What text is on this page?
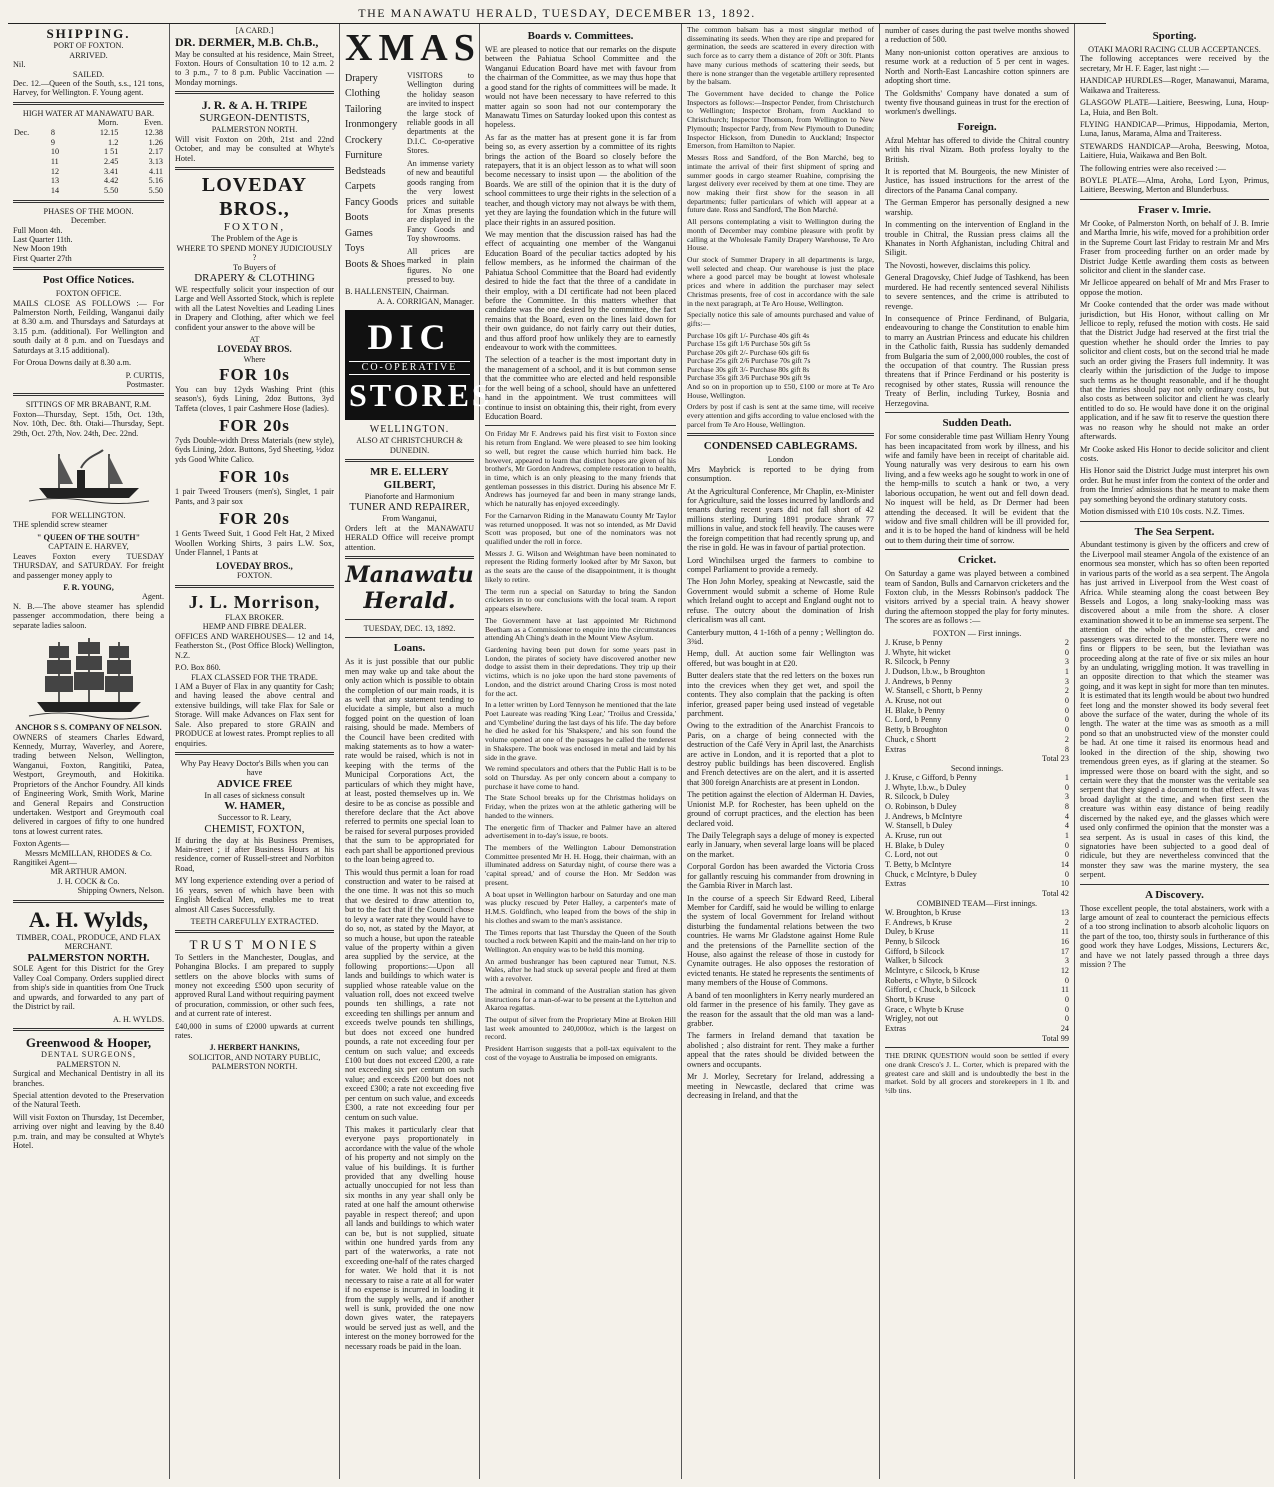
THE MANAWATU HERALD, TUESDAY, DECEMBER 13, 1892.
SHIPPING.
PORT OF FOXTON.
ARRIVED.
Nil.
SAILED.

Dec. 12.—Queen of the South, s.s., 121 tons, Harvey, for Wellington. F. Young agent.

HIGH WATER AT MANAWATU BAR.
		Morn.	Even.
Dec.	8	12.15	12.38
	9	1.2	1.26
	10	1 51	2.17
	11	2.45	3.13
	12	3.41	4.11
	13	4.42	5.16
	14	5.50	5.50
PHASES OF THE MOON.
December.
Full Moon 4th.
Last Quarter 11th.
New Moon 19th
First Quarter 27th
Post Office Notices.
FOXTON OFFICE.

MAILS CLOSE AS FOLLOWS :— For Palmerston North, Feilding, Wanganui daily at 8.30 a.m. and Thursdays and Saturdays at 3.15 p.m. (additional). For Wellington and south daily at 8 p.m. and on Tuesdays and Saturdays at 3.15 additional).

For Oroua Downs daily at 8.30 a.m.

P. CURTIS,
Postmaster.
SITTINGS OF MR BRABANT, R.M.

Foxton—Thursday, Sept. 15th, Oct. 13th, Nov. 10th, Dec. 8th. Otaki—Thursday, Sept. 29th, Oct. 27th, Nov. 24th, Dec. 22nd.

FOR WELLINGTON.

THE splendid screw steamer

" QUEEN OF THE SOUTH"
CAPTAIN E. HARVEY,

Leaves Foxton every TUESDAY THURSDAY, and SATURDAY. For freight and passenger money apply to

F. R. YOUNG,
Agent.

N. B.—The above steamer has splendid passenger accommodation, there being a separate ladies saloon.

ANCHOR S S. COMPANY OF NELSON.

OWNERS of steamers Charles Edward, Kennedy, Murray, Waverley, and Aorere, trading between Nelson, Wellington, Wanganui, Foxton, Rangitiki, Patea, Westport, Greymouth, and Hokitika. Proprietors of the Anchor Foundry. All kinds of Engineering Work, Smith Work, Marine and General Repairs and Construction undertaken. Westport and Greymouth coal delivered in cargoes of fifty to one hundred tons at lowest current rates.

Foxton Agents—
Messrs McMILLAN, RHODES & Co.
Rangitikei Agent—
MR ARTHUR AMON.
J. H. COCK & Co.
Shipping Owners, Nelson.
A. H. Wylds,
TIMBER, COAL, PRODUCE, AND FLAX MERCHANT.
PALMERSTON NORTH.

SOLE Agent for this District for the Grey Valley Coal Company. Orders supplied direct from ship's side in quantities from One Truck and upwards, and forwarded to any part of the District by rail.

A. H. WYLDS.
Greenwood & Hooper,
DENTAL SURGEONS,
PALMERSTON N.

Surgical and Mechanical Dentistry in all its branches.

Special attention devoted to the Preservation of the Natural Teeth.

Will visit Foxton on Thursday, 1st December, arriving over night and leaving by the 8.40 p.m. train, and may be consulted at Whyte's Hotel.

[A CARD.]
DR. DERMER, M.B. Ch.B.,

May be consulted at his residence, Main Street, Foxton. Hours of Consultation 10 to 12 a.m. 2 to 3 p.m., 7 to 8 p.m. Public Vaccination — Monday mornings.

J. R. & A. H. TRIPE
SURGEON-DENTISTS,
PALMERSTON NORTH.

Will visit Foxton on 20th, 21st and 22nd October, and may be consulted at Whyte's Hotel.

LOVEDAY BROS.,
FOXTON,
The Problem of the Age is
WHERE TO SPEND MONEY JUDICIOUSLY ?
To Buyers of
DRAPERY & CLOTHING

WE respectfully solicit your inspection of our Large and Well Assorted Stock, which is replete with all the Latest Novelties and Leading Lines in Drapery and Clothing, after which we feel confident your answer to the above will be

AT
LOVEDAY BROS.
Where
FOR 10s

You can buy 12yds Washing Print (this season's), 6yds Lining, 2doz Buttons, 3yd Taffeta (cloves, 1 pair Cashmere Hose (ladies).

FOR 20s

7yds Double-width Dress Materials (new style), 6yds Lining, 2doz. Buttons, 5yd Sheeting, ½doz yds Good White Calico.

FOR 10s

1 pair Tweed Trousers (men's), Singlet, 1 pair Pants, and 3 pair sox

FOR 20s

1 Gents Tweed Suit, 1 Good Felt Hat, 2 Mixed Woollen Working Shirts, 3 pairs L.W. Sox, Under Flannel, 1 Pants at

LOVEDAY BROS.,
FOXTON.
J. L. Morrison,
FLAX BROKER.
HEMP AND FIBRE DEALER.

OFFICES AND WAREHOUSES— 12 and 14, Featherston St., (Post Office Block) Wellington, N.Z.

P.O. Box 860.
FLAX CLASSED FOR THE TRADE.

I AM a Buyer of Flax in any quantity for Cash; and having leased the above central and extensive buildings, will take Flax for Sale or Storage. Will make Advances on Flax sent for Sale. Also prepared to store GRAIN and PRODUCE at lowest rates. Prompt replies to all enquiries.

Why Pay Heavy Doctor's Bills when you can have
ADVICE FREE
In all cases of sickness consult
W. HAMER,
Successor to R. Leary,
CHEMIST, FOXTON,

If during the day at his Business Premises, Main-street ; if after Business Hours at his residence, corner of Russell-street and Norbiton Road,

MY long experience extending over a period of 16 years, seven of which have been with English Medical Men, enables me to treat almost All Cases Successfully.

TEETH CAREFULLY EXTRACTED.
TRUST MONIES

To Settlers in the Manchester, Douglas, and Pohangina Blocks. I am prepared to supply settlers on the above blocks with sums of money not exceeding £500 upon security of approved Rural Land without requiring payment of procuration, commission, or other such fees, and at current rate of interest.

£40,000 in sums of £2000 upwards at current rates.

J. HERBERT HANKINS,
SOLICITOR, AND NOTARY PUBLIC,
PALMERSTON NORTH.
XMAS
Drapery
Clothing
Tailoring
Ironmongery
Crockery
Furniture
Bedsteads
Carpets
Fancy Goods
Boots
Games
Toys
Boots & Shoes

VISITORS to Wellington during the holiday season are invited to inspect the large stock of reliable goods in all departments at the D.I.C. Co-operative Stores.

An immense variety of new and beautiful goods ranging from the very lowest prices and suitable for Xmas presents are displayed in the Fancy Goods and Toy showrooms.

All prices are marked in plain figures. No one pressed to buy.

B. HALLENSTEIN, Chairman.
A. A. CORRIGAN, Manager.
DIC
CO-OPERATIVE
STORES
WELLINGTON.
ALSO AT CHRISTCHURCH & DUNEDIN.
MR E. ELLERY GILBERT,
Pianoforte and Harmonium
TUNER AND REPAIRER,
From Wanganui,

Orders left at the MANAWATU HERALD Office will receive prompt attention.

Manawatu Herald.
TUESDAY, DEC. 13, 1892.
Loans.

As it is just possible that our public men may wake up and take about the only action which is possible to obtain the completion of our main roads, it is as well that any statement tending to elucidate a simple, but also a much fogged point on the question of loan raising, should be made. Members of the Council have been credited with making statements as to how a water-rate would be raised, which is not in keeping with the terms of the Municipal Corporations Act, the particulars of which they might have, at least, posted themselves up in. We desire to be as concise as possible and therefore declare that the Act above referred to permits one special loan to be raised for several purposes provided that the sum to be appropriated for each part shall be apportioned previous to the loan being agreed to.

This would thus permit a loan for road construction and water to be raised at the one time. It was not this so much that we desired to draw attention to, but to the fact that if the Council chose to levy a water rate they would have to do so, not, as stated by the Mayor, at so much a house, but upon the rateable value of the property within a given area supplied by the service, at the following proportions:—Upon all lands and buildings to which water is supplied whose rateable value on the valuation roll, does not exceed twelve pounds ten shillings, a rate not exceeding ten shillings per annum and exceeds twelve pounds ten shillings, but does not exceed one hundred pounds, a rate not exceeding four per centum on such value; and exceeds £100 but does not exceed £200, a rate not exceeding six per centum on such value; and exceeds £200 but does not exceed £300; a rate not exceeding five per centum on such value, and exceeds £300, a rate not exceeding four per centum on such value.

This makes it particularly clear that everyone pays proportionately in accordance with the value of the whole of his property and not simply on the value of his buildings. It is further provided that any dwelling house actually unoccupied for not less than six months in any year shall only be rated at one half the amount otherwise payable in respect thereof; and upon all lands and buildings to which water can be, but is not supplied, situate within one hundred yards from any part of the waterworks, a rate not exceeding one-half of the rates charged for water. We hold that it is not necessary to raise a rate at all for water if no expense is incurred in loading it from the supply wells, and if another well is sunk, provided the one now down gives water, the ratepayers would be served just as well, and the interest on the money borrowed for the necessary roads be paid in the loan.

Boards v. Committees.

WE are pleased to notice that our remarks on the dispute between the Pahiatua School Committee and the Wanganui Education Board have met with favour from the chairman of the Committee, as we may thus hope that a good stand for the rights of committees will be made. It would not have been necessary to have referred to this matter again so soon had not our contemporary the Manawatu Times on Saturday looked upon this contest as hopeless.

As far as the matter has at present gone it is far from being so, as every assertion by a committee of its rights brings the action of the Board so closely before the ratepayers, that it is an object lesson as to what will soon become necessary to insist upon — the abolition of the Boards. We are still of the opinion that it is the duty of school committees to urge their rights in the selection of a teacher, and though victory may not always be with them, yet they are laying the foundation which in the future will place their rights in an assured position.

We may mention that the discussion raised has had the effect of acquainting one member of the Wanganui Education Board of the peculiar tactics adopted by his fellow members, as he informed the chairman of the Pahiatua School Committee that the Board had evidently desired to hide the fact that the three of a candidate in their employ, with a DI certificate had not been placed before the Committee. In this matters whether that candidate was the one desired by the committee, the fact remains that the Board, even on the lines laid down for their own guidance, do not fairly carry out their duties, and thus afford proof how unlikely they are to earnestly endeavour to work with the committees.

The selection of a teacher is the most important duty in the management of a school, and it is but common sense that the committee who are elected and held responsible for the well being of a school, should have an unfettered hand in the appointment. We trust committees will continue to insist on obtaining this, their right, from every Education Board.

On Friday Mr F. Andrews paid his first visit to Foxton since his return from England. We were pleased to see him looking so well, but regret the cause which hurried him back. He however, appeared to learn that distinct hopes are given of his brother's, Mr Gordon Andrews, complete restoration to health, in time, which is an only pleasing to the many friends that gentleman possesses in this district. During his absence Mr F. Andrews has journeyed far and been in many strange lands, which he naturally has enjoyed exceedingly.

For the Carnarvon Riding in the Manawatu County Mr Taylor was returned unopposed. It was not so intended, as Mr David Scott was proposed, but one of the nominators was not qualified under the roll in force.

Messrs J. G. Wilson and Weightman have been nominated to represent the Riding formerly looked after by Mr Saxon, but as the seats are the cause of the disappointment, it is thought likely to retire.

The term run a special on Saturday to bring the Sandon cricketers in to our conclusions with the local team. A report appears elsewhere.

The Government have at last appointed Mr Richmond Beetham as a Commissioner to enquire into the circumstances attending Ah Ching's death in the Mount View Asylum.

Gardening having been put down for some years past in London, the pirates of society have discovered another new dodge to assist them in their depredations. They trip up their victims, which is no joke upon the hard stone pavements of London, and the district around Charing Cross is most noted for the act.

In a letter written by Lord Tennyson he mentioned that the late Poet Laureate was reading 'King Lear,' 'Troilus and Cressida,' and 'Cymbeline' during the last days of his life. The day before he died he asked for his 'Shakspere,' and his son found the volume opened at one of the passages he called the tenderest in Shakspere. The book was enclosed in metal and laid by his side in the grave.

We remind speculators and others that the Public Hall is to be sold on Thursday. As per only concern about a company to purchase it have come to hand.

The State School breaks up for the Christmas holidays on Friday, when the prizes won at the athletic gathering will be handed to the winners.

The energetic firm of Thacker and Palmer have an altered advertisement in to-day's issue, re boots.

The members of the Wellington Labour Demonstration Committee presented Mr H. H. Hogg, their chairman, with an illuminated address on Saturday night, of course there was a 'capital spread,' and of course the Hon. Mr Seddon was present.

A boat upset in Wellington harbour on Saturday and one man was plucky rescued by Peter Halley, a carpenter's mate of H.M.S. Goldfinch, who leaped from the bows of the ship in his clothes and swam to the man's assistance.

The Times reports that last Thursday the Queen of the South touched a rock between Kapiti and the main-land on her trip to Wellington. An enquiry was to be held this morning.

An armed bushranger has been captured near Tumut, N.S. Wales, after he had stuck up several people and fired at them with a revolver.

The admiral in command of the Australian station has given instructions for a man-of-war to be present at the Lyttelton and Akaroa regattas.

The output of silver from the Proprietary Mine at Broken Hill last week amounted to 240,000oz, which is the largest on record.

President Harrison suggests that a poll-tax equivalent to the cost of the voyage to Australia be imposed on emigrants.

The common balsam has a most singular method of disseminating its seeds. When they are ripe and prepared for germination, the seeds are scattered in every direction with such force as to carry them a distance of 20ft or 30ft. Plants have many curious methods of scattering their seeds, but there is none stranger than the vegetable artillery represented by the balsam.

The Government have decided to change the Police Inspectors as follows:—Inspector Pender, from Christchurch to Wellington; Inspector Broham, from Auckland to Christchurch; Inspector Thomson, from Wellington to New Plymouth; Inspector Pardy, from New Plymouth to Dunedin; Inspector Hickson, from Dunedin to Auckland; Inspector Emerson, from Hamilton to Napier.

Messrs Ross and Sandford, of the Bon Marché, beg to intimate the arrival of their first shipment of spring and summer goods in cargo steamer Ruahine, comprising the largest delivery ever received by them at one time. They are now making their first show for the season in all departments; fuller particulars of which will appear at a future date. Ross and Sandford, The Bon Marché.

All persons contemplating a visit to Wellington during the month of December may combine pleasure with profit by calling at the Wholesale Family Drapery Warehouse, Te Aro House.

Our stock of Summer Drapery in all departments is large, well selected and cheap. Our warehouse is just the place where a good parcel may be bought at lowest wholesale prices and where in addition the purchaser may select Christmas presents, free of cost in accordance with the sale in the next paragraph, at Te Aro House, Wellington.

Specially notice this sale of amounts purchased and value of gifts:—

Purchase 10s gift 1/- Purchase 40s gift 4s
Purchase 15s gift 1/6 Purchase 50s gift 5s
Purchase 20s gift 2/- Purchase 60s gift 6s
Purchase 25s gift 2/6 Purchase 70s gift 7s
Purchase 30s gift 3/- Purchase 80s gift 8s
Purchase 35s gift 3/6 Purchase 90s gift 9s

And so on in proportion up to £50, £100 or more at Te Aro House, Wellington.

Orders by post if cash is sent at the same time, will receive every attention and gifts according to value enclosed with the parcel from Te Aro House, Wellington.

CONDENSED CABLEGRAMS.
London

Mrs Maybrick is reported to be dying from consumption.

At the Agricultural Conference, Mr Chaplin, ex-Minister for Agriculture, said the losses incurred by landlords and tenants during recent years did not fall short of 42 millions sterling. During 1891 produce shrank 77 millions in value, and stock fell heavily. The causes were the foreign competition that had recently sprung up, and the rise in gold. He was in favour of partial protection.

Lord Winchilsea urged the farmers to combine to compel Parliament to provide a remedy.

The Hon John Morley, speaking at Newcastle, said the Government would submit a scheme of Home Rule which Ireland ought to accept and England ought not to refuse. The outcry about the domination of Irish clericalism was all cant.

Canterbury mutton, 4 1-16th of a penny ; Wellington do. 3¾d.

Hemp, dull. At auction some fair Wellington was offered, but was bought in at £20.

Butter dealers state that the red letters on the boxes run into the crevices when they get wet, and spoil the contents. They also complain that the packing is often inferior, greased paper being used instead of vegetable parchment.

Owing to the extradition of the Anarchist Francois to Paris, on a charge of being connected with the destruction of the Café Very in April last, the Anarchists are active in London, and it is reported that a plot to destroy public buildings has been discovered. English and French detectives are on the alert, and it is asserted that 300 foreign Anarchists are at present in London.

The petition against the election of Alderman H. Davies, Unionist M.P. for Rochester, has been upheld on the ground of corrupt practices, and the election has been declared void.

The Daily Telegraph says a deluge of money is expected early in January, when several large loans will be placed on the market.

Corporal Gordon has been awarded the Victoria Cross for gallantly rescuing his commander from drowning in the Gambia River in March last.

In the course of a speech Sir Edward Reed, Liberal Member for Cardiff, said he would be willing to enlarge the system of local Government for Ireland without disturbing the fundamental relations between the two countries. He warns Mr Gladstone against Home Rule and the pretensions of the Parnellite section of the House, also against the release of those in custody for Cynamite outrages. He also opposes the restoration of evicted tenants. He stated he represents the sentiments of many members of the House of Commons.

A band of ten moonlighters in Kerry nearly murdered an old farmer in the presence of his family. They gave as the reason for the assault that the old man was a land-grabber.

The farmers in Ireland demand that taxation be abolished ; also distraint for rent. They make a further appeal that the rates should be divided between the owners and occupants.

Mr J. Morley, Secretary for Ireland, addressing a meeting in Newcastle, declared that crime was decreasing in Ireland, and that the

number of cases during the past twelve months showed a reduction of 500.

Many non-unionist cotton operatives are anxious to resume work at a reduction of 5 per cent in wages. North and North-East Lancashire cotton spinners are adopting short time.

The Goldsmiths' Company have donated a sum of twenty five thousand guineas in trust for the erection of workmen's dwellings.

Foreign.

Afzul Mehtar has offered to divide the Chitral country with his rival Nizam. Both profess loyalty to the British.

It is reported that M. Bourgeois, the new Minister of Justice, has issued instructions for the arrest of the directors of the Panama Canal company.

The German Emperor has personally designed a new warship.

In commenting on the intervention of England in the trouble in Chitral, the Russian press claims all the Khanates in North Afghanistan, including Chitral and Siligit.

The Novosti, however, disclaims this policy.

General Dragovsky, Chief Judge of Tashkend, has been murdered. He had recently sentenced several Nihilists to severe sentences, and the crime is attributed to revenge.

In consequence of Prince Ferdinand, of Bulgaria, endeavouring to change the Constitution to enable him to marry an Austrian Princess and educate his children in the Catholic faith, Russia has suddenly demanded from Bulgaria the sum of 2,000,000 roubles, the cost of the occupation of that country. The Russian press threatens that if Prince Ferdinand or his posterity is recognised by other states, Russia will renounce the Treaty of Berlin, including Turkey, Bosnia and Herzegovina.

Sudden Death.

For some considerable time past William Henry Young has been incapacitated from work by illness, and his wife and family have been in receipt of charitable aid. Young naturally was very desirous to earn his own living, and a few weeks ago he sought to work in one of the hemp-mills to scutch a hank or two, a very laborious occupation, he went out and fell down dead. No inquest will be held, as Dr Dermer had been attending the deceased. It will be evident that the widow and five small children will be ill provided for, and it is to be hoped the hand of kindness will be held out to them during their time of sorrow.

Cricket.

On Saturday a game was played between a combined team of Sandon, Bulls and Carnarvon cricketers and the Foxton club, in the Messrs Robinson's paddock The visitors arrived by a special train. A heavy shower during the afternoon stopped the play for forty minutes. The scores are as follows :—

FOXTON — First innings.
J. Kruse, b Penny	2
J. Whyte, hit wicket	0
R. Silcock, b Penny	3
J. Dudson, l.b.w., b Broughton	1
J. Andrews, b Penny	3
W. Stansell, c Shortt, b Penny	2
A. Kruse, not out	0
H. Blake, b Penny	0
C. Lord, b Penny	0
Betty, b Broughton	0
Chuck, c Shortt	2
Extras	8
Total 23
Second innings.
J. Kruse, c Gifford, b Penny	1
J. Whyte, l.b.w., b Duley	0
R. Silcock, b Duley	3
O. Robinson, b Duley	8
J. Andrews, b McIntyre	4
W. Stansell, b Duley	4
A. Kruse, run out	1
H. Blake, b Duley	0
C. Lord, not out	0
T. Betty, b McIntyre	14
Chuck, c McIntyre, b Duley	0
Extras	10
Total 42
COMBINED TEAM—First innings.
W. Broughton, b Kruse	13
F. Andrews, b Kruse	2
Duley, b Kruse	11
Penny, b Silcock	16
Gifford, b Silcock	17
Walker, b Silcock	3
McIntyre, c Silcock, b Kruse	12
Roberts, c Whyte, b Silcock	0
Gifford, c Chuck, b Silcock	11
Shortt, b Kruse	0
Grace, c Whyte b Kruse	0
Wrigley, not out	0
Extras	24
Total 99

THE DRINK QUESTION would soon be settled if every one drank Cresco's J. L. Corter, which is prepared with the greatest care and skill and is undoubtedly the best in the market. Sold by all grocers and storekeepers in 1 lb. and ½lb tins.

Sporting.
OTAKI MAORI RACING CLUB ACCEPTANCES.

The following acceptances were received by the secretary, Mr H. F. Eager, last night :—

HANDICAP HURDLES—Roger, Manawanui, Marama, Waikawa and Traiteress.

GLASGOW PLATE—Laitiere, Beeswing, Luna, Houp-La, Huia, and Ben Bolt.

FLYING HANDICAP—Primus, Hippodamia, Merton, Luna, Ianus, Marama, Alma and Traiteress.

STEWARDS HANDICAP—Aroha, Beeswing, Motoa, Laitiere, Huia, Waikawa and Ben Bolt.

The following entries were also received :—

BOYLE PLATE—Alma, Aroha, Lord Lyon, Primus, Laitiere, Beeswing, Merton and Blunderbuss.

Fraser v. Imrie.

Mr Cooke, of Palmerston North, on behalf of J. B. Imrie and Martha Imrie, his wife, moved for a prohibition order in the Supreme Court last Friday to restrain Mr and Mrs Fraser from proceeding further on an order made by District Judge Kettle awarding them costs as between solicitor and client in the slander case.

Mr Jellicoe appeared on behalf of Mr and Mrs Fraser to oppose the motion.

Mr Cooke contended that the order was made without jurisdiction, but His Honor, without calling on Mr Jellicoe to reply, refused the motion with costs. He said that the District Judge had reserved at the first trial the question whether he should order the Imries to pay solicitor and client costs, but on the second trial he made such an order giving the Frasers full indemnity. It was clearly within the jurisdiction of the Judge to impose such terms as he thought reasonable, and if he thought that the Imries should pay not only ordinary costs, but also costs as between solicitor and client he was clearly entitled to do so. He would have done it on the original application, and if he saw fit to reserve the question there was no reason why he should not make an order afterwards.

Mr Cooke asked His Honor to decide solicitor and client costs.

His Honor said the District Judge must interpret his own order. But he must infer from the context of the order and from the Imries' admissions that he meant to make them pay something beyond the ordinary statutory costs.

Motion dismissed with £10 10s costs. N.Z. Times.

The Sea Serpent.

Abundant testimony is given by the officers and crew of the Liverpool mail steamer Angola of the existence of an enormous sea monster, which has so often been reported in various parts of the world as a sea serpent. The Angola has just arrived in Liverpool from the West coast of Africa. While steaming along the coast between Bey Bessels and Logos, a long snaky-looking mass was discovered about a mile from the shore. A closer examination showed it to be an immense sea serpent. The attention of the whole of the officers, crew and passengers was directed to the monster. There were no fins or flippers to be seen, but the leviathan was proceeding along at the rate of five or six miles an hour by an undulating, wriggling motion. It was travelling in an opposite direction to that which the steamer was going, and it was kept in sight for more than ten minutes. It is estimated that its length would be about two hundred feet long and the monster showed its body several feet above the surface of the water, during the whole of its length. The water at the time was as smooth as a mill pond so that an unobstructed view of the monster could be had. At one time it raised its enormous head and looked in the direction of the ship, showing two tremendous green eyes, as if glaring at the steamer. So impressed were those on board with the sight, and so certain were they that the monster was the veritable sea serpent that they signed a document to that effect. It was broad daylight at the time, and when first seen the creature was within easy distance of being readily discerned by the naked eye, and the glasses which were used only confirmed the opinion that the monster was a sea serpent. As is usual in cases of this kind, the signatories have been subjected to a good deal of ridicule, but they are nevertheless convinced that the monster they saw was the marine mystery, the sea serpent.

A Discovery.

Those excellent people, the total abstainers, work with a large amount of zeal to counteract the pernicious effects of a too strong inclination to absorb alcoholic liquors on the part of the too, too, thirsty souls in furtherance of this good work they have Lodges, Missions, Lecturers &c, and have we not lately passed through a three days mission ? The
